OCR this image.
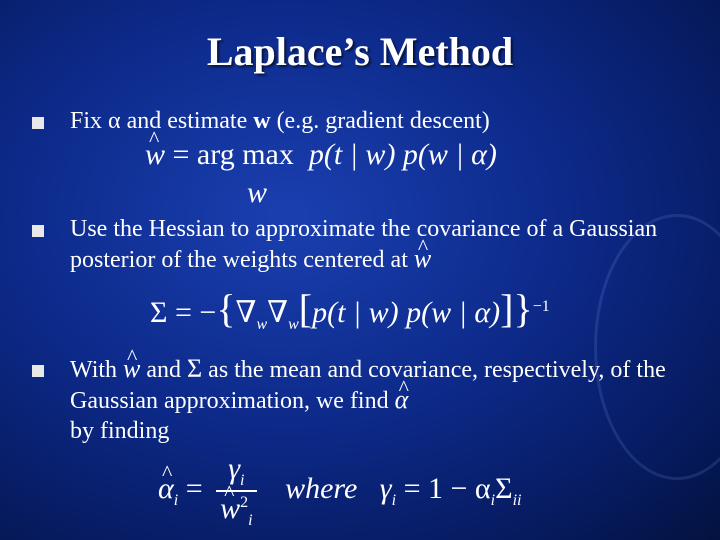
Laplace’s Method
Fix α and estimate w (e.g. gradient descent)
^ w = arg max p(t | w) p(w | α)
w
Use the Hessian to approximate the covariance of a Gaussian posterior of the weights centered at ^ w
$\Sigma = -\{\nabla_w\nabla_w[p(t$ | w) p(w | α)]}$^{-1}$
With ^ w and Σ as the mean and covariance, respectively, of the Gaussian approximation, we find ^ α
by finding
^ $\alpha_i = \gamma_i$
^ $w^2_i$ where $\gamma_i = 1 - \alpha_i\Sigma_{ii}$
